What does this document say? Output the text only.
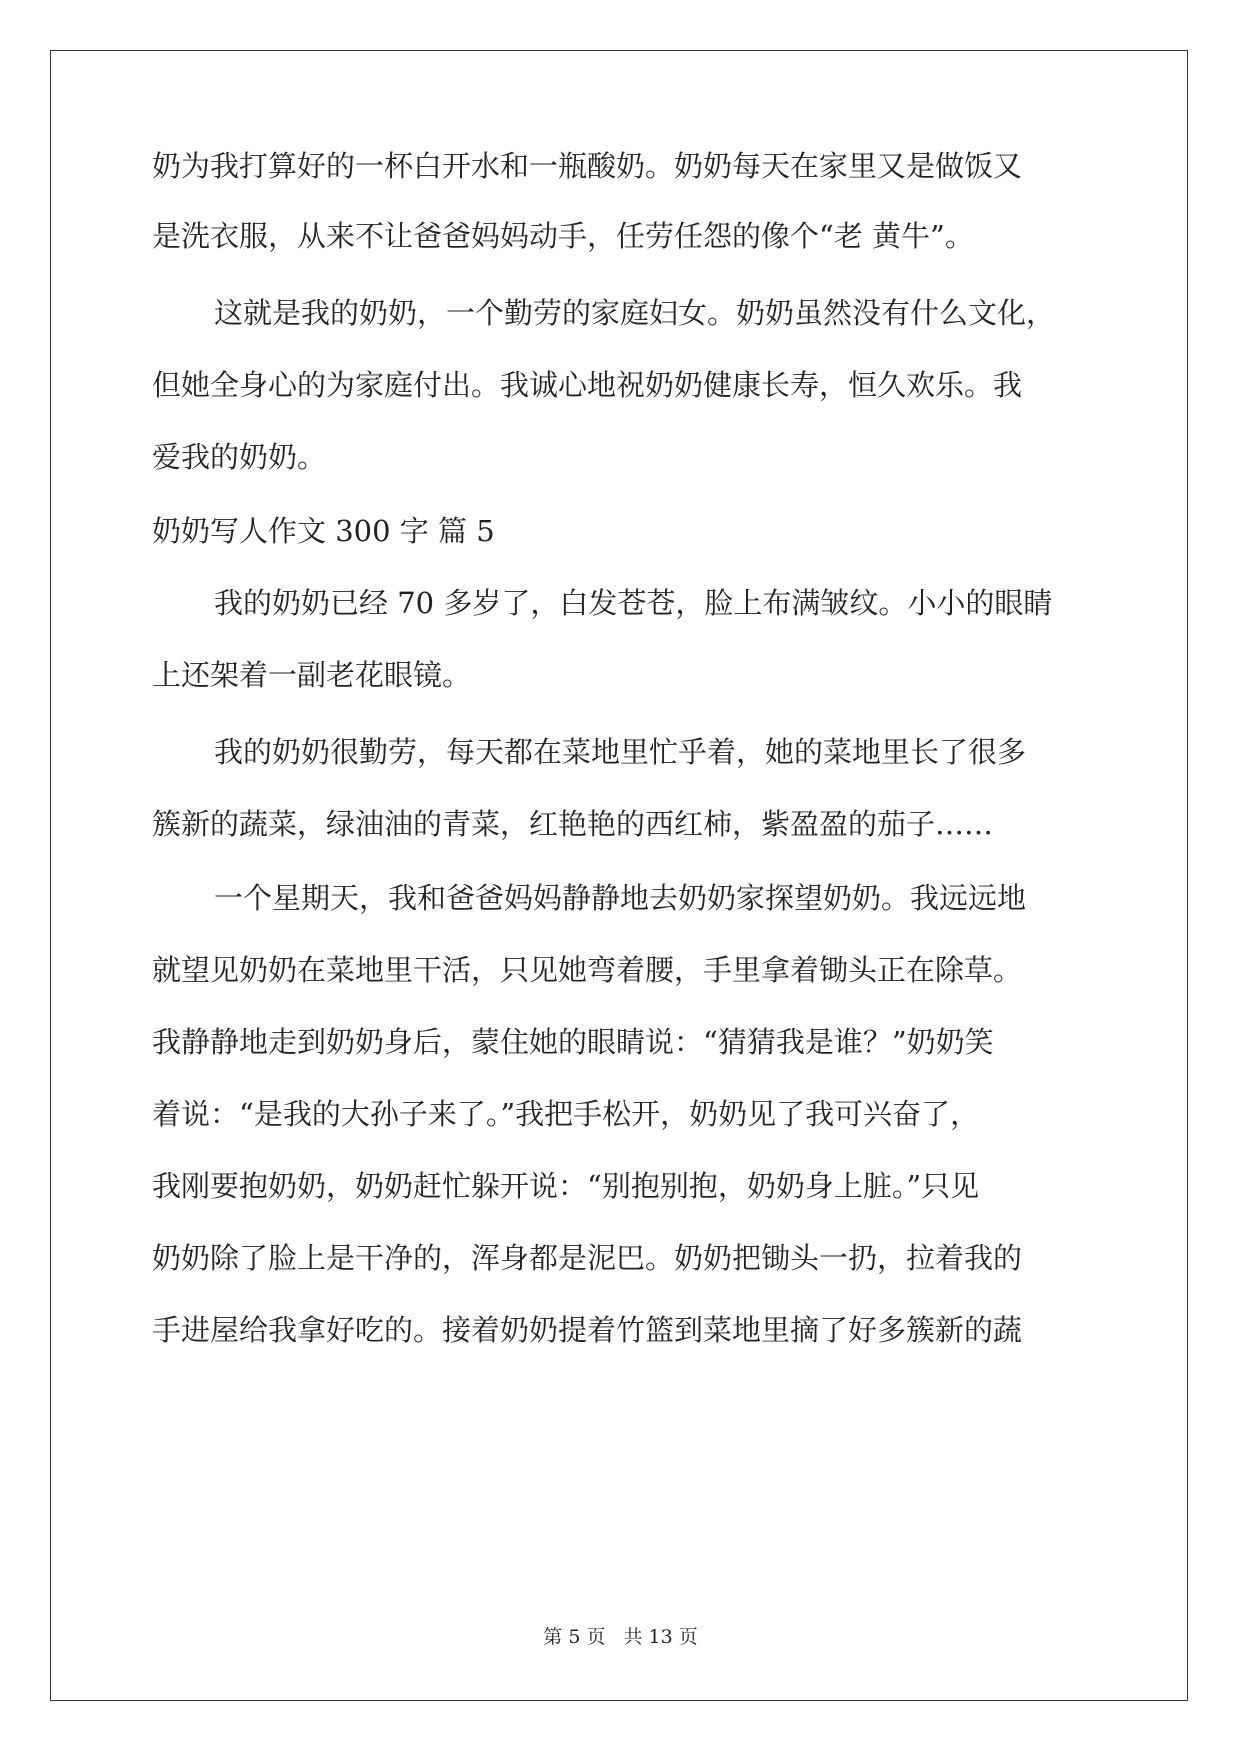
奶为我打算好的一杯白开水和一瓶酸奶。奶奶每天在家里又是做饭又
是洗衣服，从来不让爸爸妈妈动手，任劳任怨的像个“老 黄牛”。
这就是我的奶奶，一个勤劳的家庭妇女。奶奶虽然没有什么文化，
但她全身心的为家庭付出。我诚心地祝奶奶健康长寿，恒久欢乐。我
爱我的奶奶。
奶奶写人作文 300 字 篇 5
我的奶奶已经 70 多岁了，白发苍苍，脸上布满皱纹。小小的眼睛
上还架着一副老花眼镜。
我的奶奶很勤劳，每天都在菜地里忙乎着，她的菜地里长了很多
簇新的蔬菜，绿油油的青菜，红艳艳的西红柿，紫盈盈的茄子……
一个星期天，我和爸爸妈妈静静地去奶奶家探望奶奶。我远远地
就望见奶奶在菜地里干活，只见她弯着腰，手里拿着锄头正在除草。
我静静地走到奶奶身后，蒙住她的眼睛说：“猜猜我是谁？”奶奶笑
着说：“是我的大孙子来了。”我把手松开，奶奶见了我可兴奋了，
我刚要抱奶奶，奶奶赶忙躲开说：“别抱别抱，奶奶身上脏。”只见
奶奶除了脸上是干净的，浑身都是泥巴。奶奶把锄头一扔，拉着我的
手进屋给我拿好吃的。接着奶奶提着竹篮到菜地里摘了好多簇新的蔬
第 5 页 共 13 页
